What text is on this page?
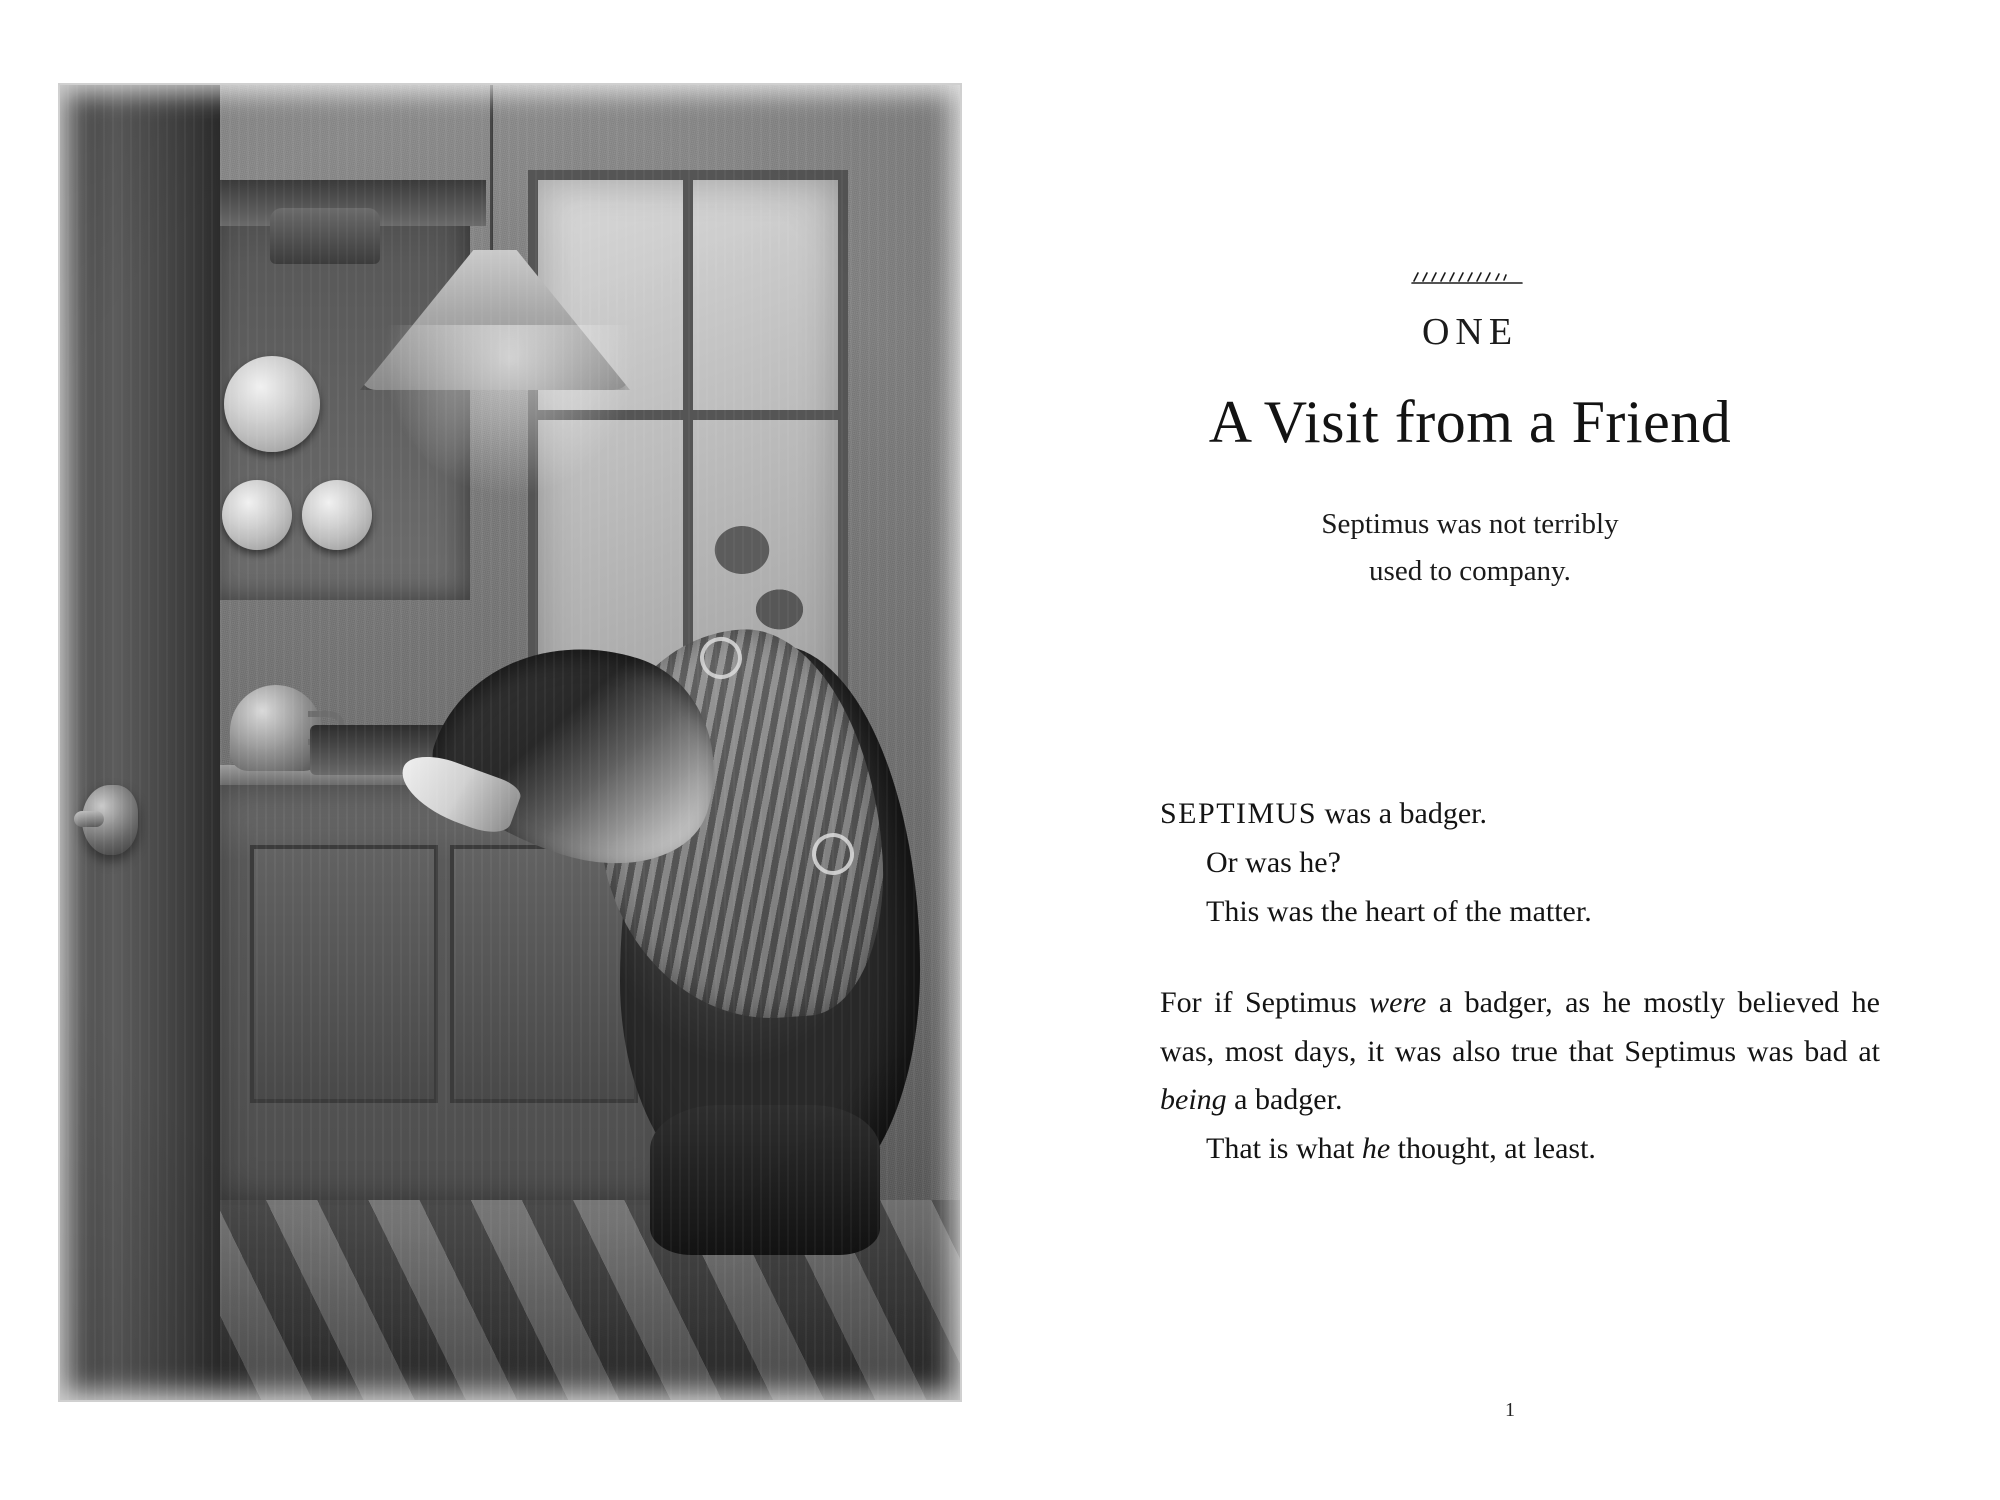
ONE

A Visit from a Friend
Septimus was not terribly
used to company.

SEPTIMUS was a badger.

Or was he?

This was the heart of the matter.

For if Septimus were a badger, as he mostly believed he was, most days, it was also true that Septimus was bad at being a badger.

That is what he thought, at least.

1
